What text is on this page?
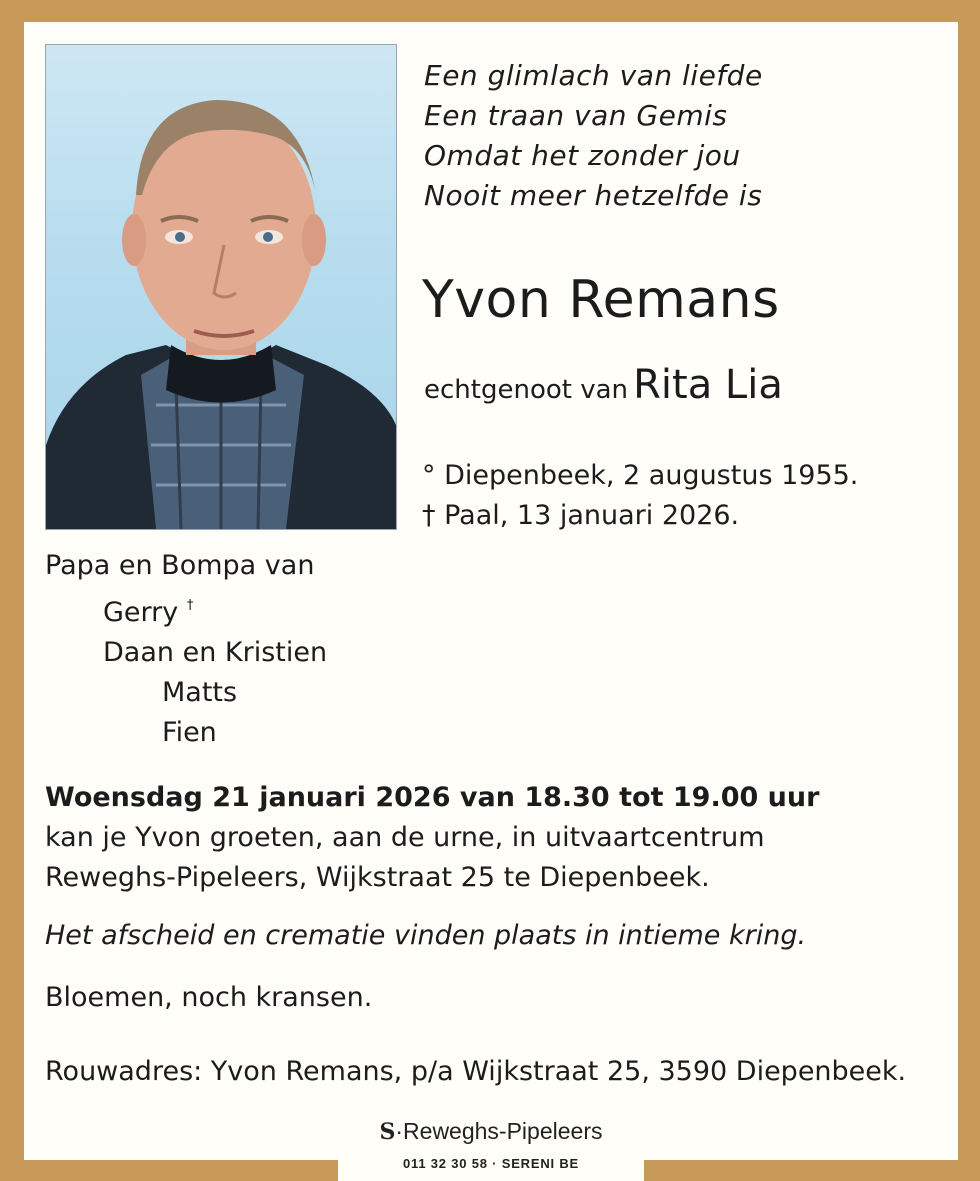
Een glimlach van liefde
Een traan van Gemis
Omdat het zonder jou
Nooit meer hetzelfde is
Yvon Remans
echtgenoot van Rita Lia
° Diepenbeek, 2 augustus 1955.
† Paal, 13 januari 2026.
Papa en Bompa van
Gerry †
Daan en Kristien
Matts
Fien
Woensdag 21 januari 2026 van 18.30 tot 19.00 uur
kan je Yvon groeten, aan de urne, in uitvaartcentrum
Reweghs-Pipeleers, Wijkstraat 25 te Diepenbeek.
Het afscheid en crematie vinden plaats in intieme kring.
Bloemen, noch kransen.
Rouwadres: Yvon Remans, p/a Wijkstraat 25, 3590 Diepenbeek.
S·Reweghs-Pipeleers
011 32 30 58 · SERENI BE
